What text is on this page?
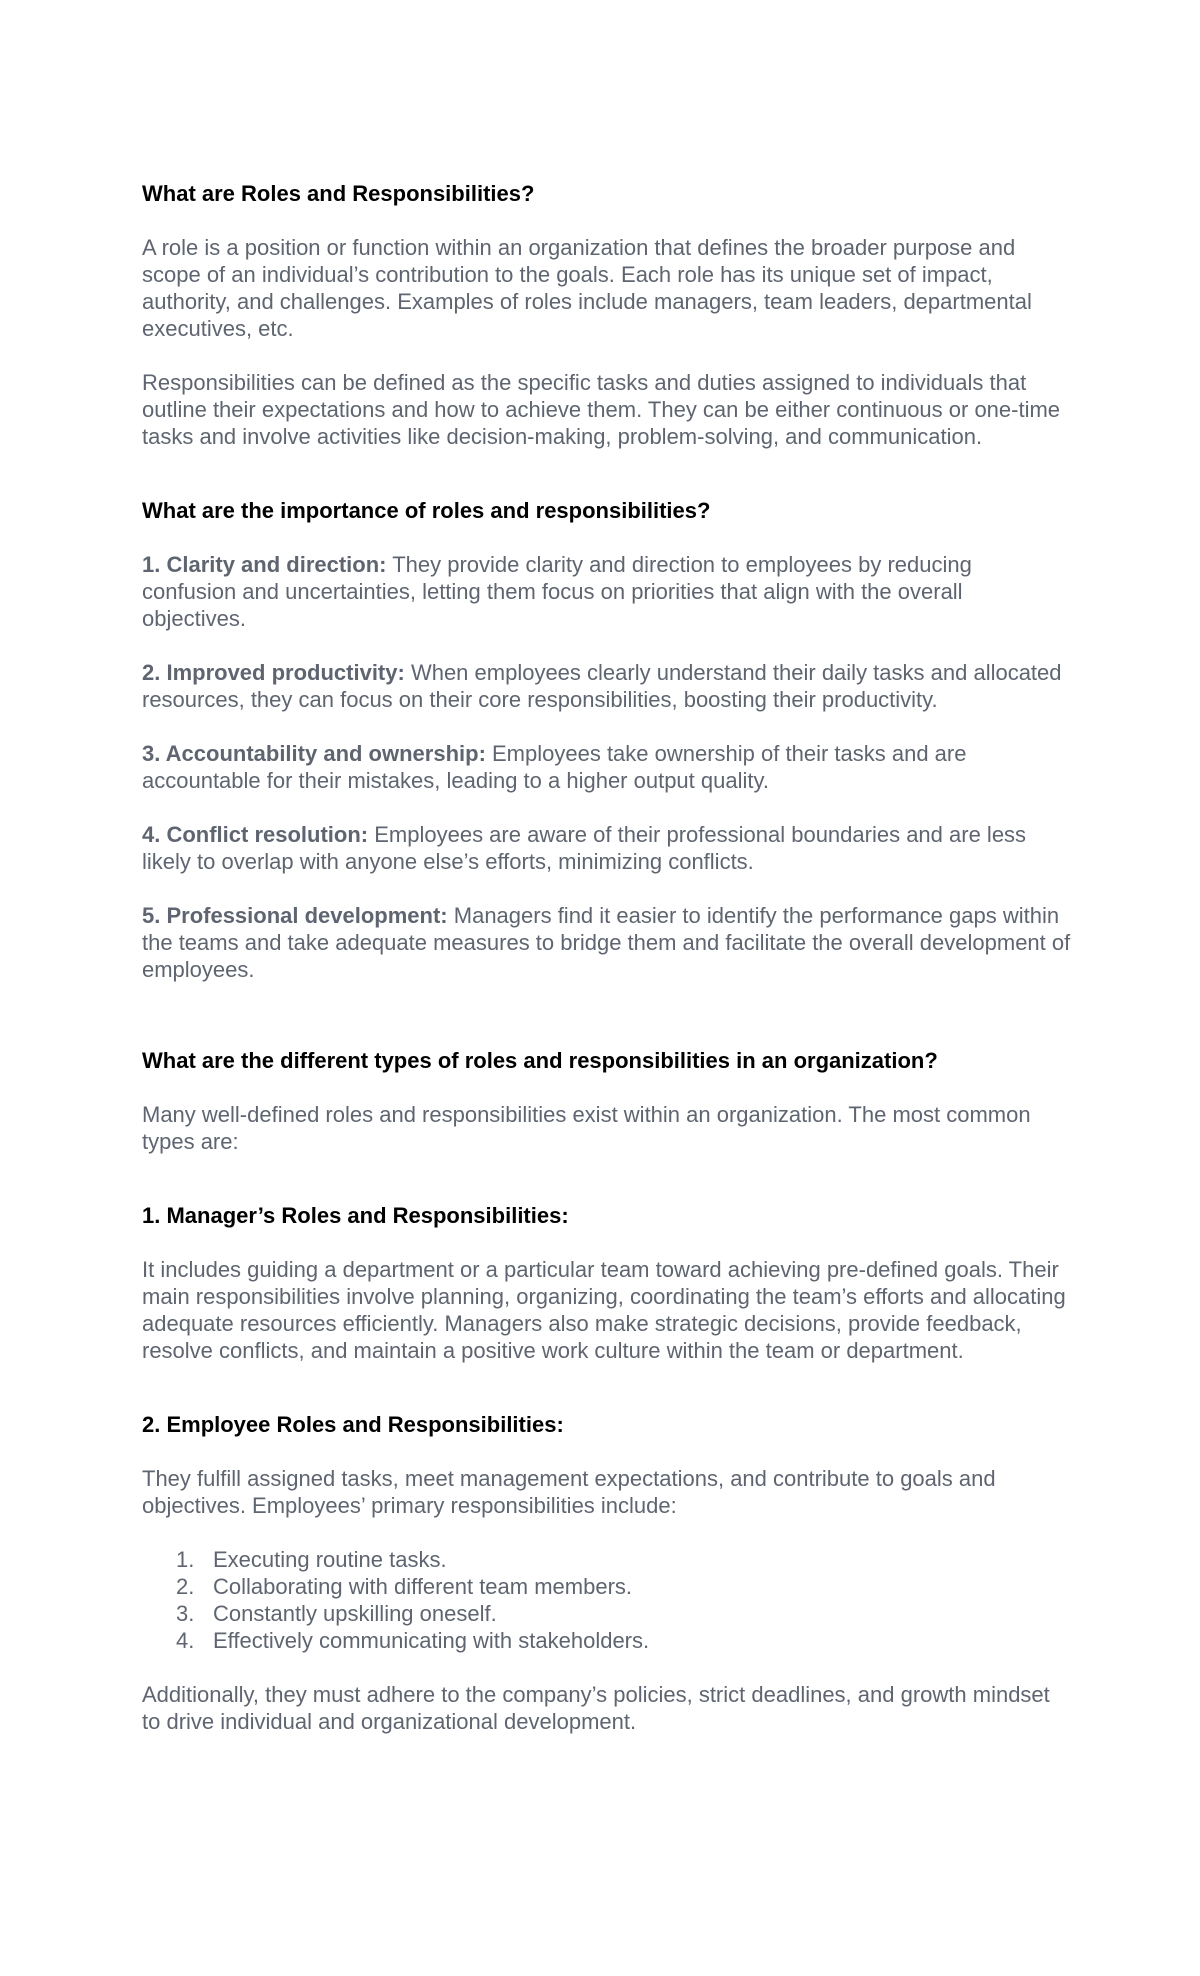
What are Roles and Responsibilities?

A role is a position or function within an organization that defines the broader purpose and scope of an individual’s contribution to the goals. Each role has its unique set of impact, authority, and challenges. Examples of roles include managers, team leaders, departmental executives, etc.

Responsibilities can be defined as the specific tasks and duties assigned to individuals that outline their expectations and how to achieve them. They can be either continuous or one-time tasks and involve activities like decision-making, problem-solving, and communication.

What are the importance of roles and responsibilities?

1. Clarity and direction: They provide clarity and direction to employees by reducing confusion and uncertainties, letting them focus on priorities that align with the overall objectives.

2. Improved productivity: When employees clearly understand their daily tasks and allocated resources, they can focus on their core responsibilities, boosting their productivity.

3. Accountability and ownership: Employees take ownership of their tasks and are accountable for their mistakes, leading to a higher output quality.

4. Conflict resolution: Employees are aware of their professional boundaries and are less likely to overlap with anyone else’s efforts, minimizing conflicts.

5. Professional development: Managers find it easier to identify the performance gaps within the teams and take adequate measures to bridge them and facilitate the overall development of employees.

What are the different types of roles and responsibilities in an organization?

Many well-defined roles and responsibilities exist within an organization. The most common types are:

1. Manager’s Roles and Responsibilities:

It includes guiding a department or a particular team toward achieving pre-defined goals. Their main responsibilities involve planning, organizing, coordinating the team’s efforts and allocating adequate resources efficiently. Managers also make strategic decisions, provide feedback, resolve conflicts, and maintain a positive work culture within the team or department.

2. Employee Roles and Responsibilities:

They fulfill assigned tasks, meet management expectations, and contribute to goals and objectives. Employees’ primary responsibilities include:

1. Executing routine tasks.
2. Collaborating with different team members.
3. Constantly upskilling oneself.
4. Effectively communicating with stakeholders.

Additionally, they must adhere to the company’s policies, strict deadlines, and growth mindset to drive individual and organizational development.
